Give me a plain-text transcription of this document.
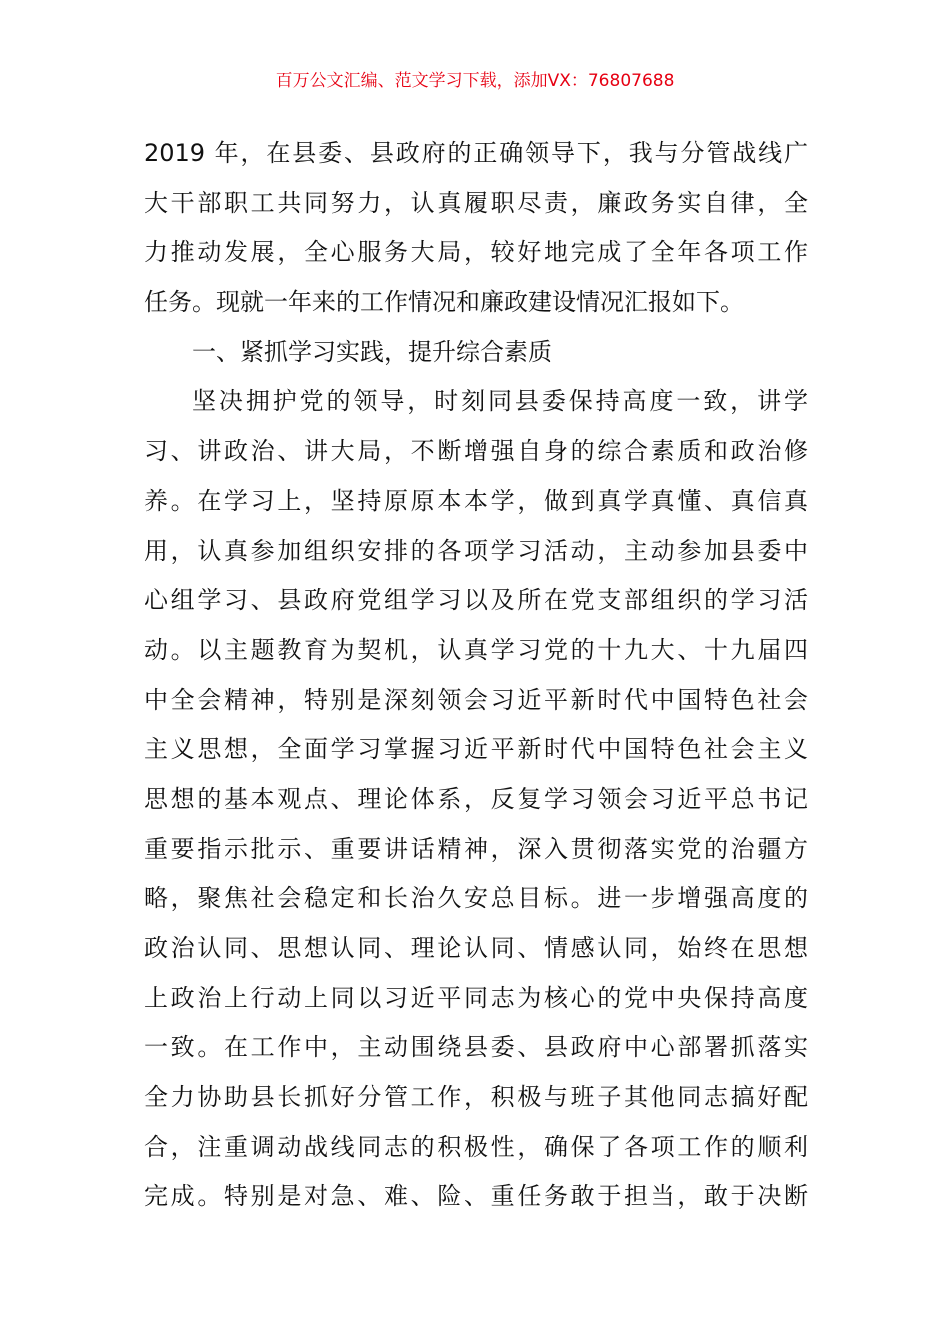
百万公文汇编、范文学习下载，添加VX：76807688
2019 年，在县委、县政府的正确领导下，我与分管战线广
大干部职工共同努力，认真履职尽责，廉政务实自律，全
力推动发展，全心服务大局，较好地完成了全年各项工作
任务。现就一年来的工作情况和廉政建设情况汇报如下。
一、紧抓学习实践，提升综合素质
坚决拥护党的领导，时刻同县委保持高度一致，讲学
习、讲政治、讲大局，不断增强自身的综合素质和政治修
养。在学习上，坚持原原本本学，做到真学真懂、真信真
用，认真参加组织安排的各项学习活动，主动参加县委中
心组学习、县政府党组学习以及所在党支部组织的学习活
动。以主题教育为契机，认真学习党的十九大、十九届四
中全会精神，特别是深刻领会习近平新时代中国特色社会
主义思想，全面学习掌握习近平新时代中国特色社会主义
思想的基本观点、理论体系，反复学习领会习近平总书记
重要指示批示、重要讲话精神，深入贯彻落实党的治疆方
略，聚焦社会稳定和长治久安总目标。进一步增强高度的
政治认同、思想认同、理论认同、情感认同，始终在思想
上政治上行动上同以习近平同志为核心的党中央保持高度
一致。在工作中，主动围绕县委、县政府中心部署抓落实
全力协助县长抓好分管工作，积极与班子其他同志搞好配
合，注重调动战线同志的积极性，确保了各项工作的顺利
完成。特别是对急、难、险、重任务敢于担当，敢于决断
